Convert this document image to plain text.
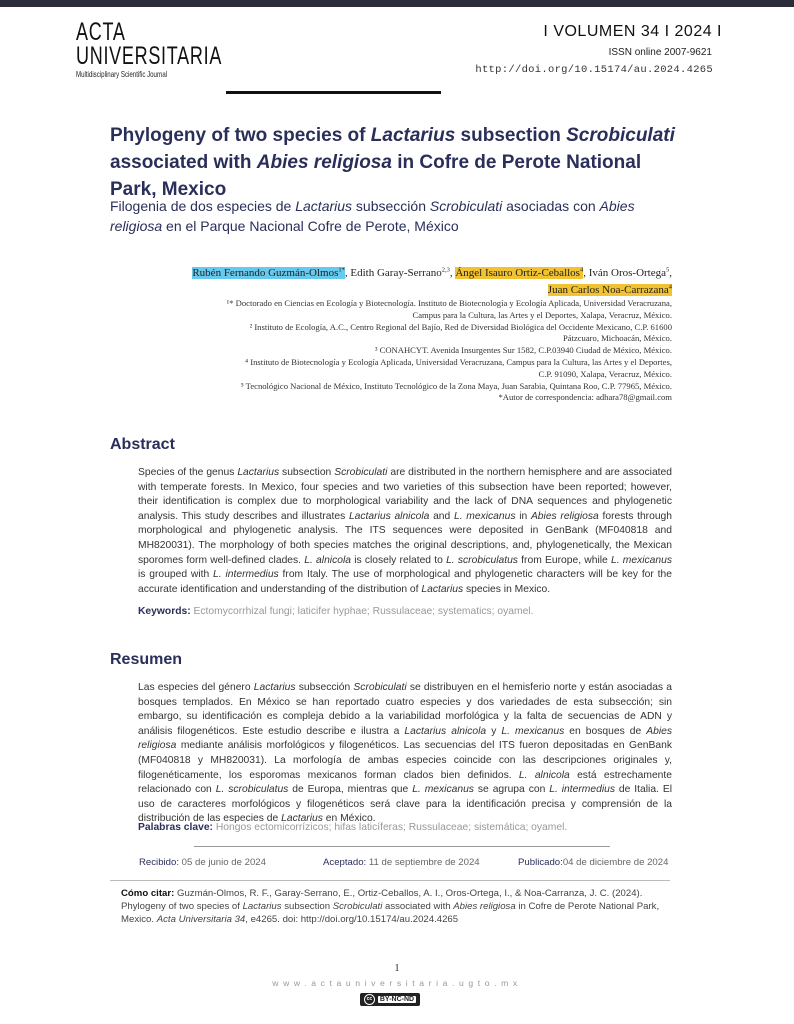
ACTA
UNIVERSITARIA
Multidisciplinary Scientific Journal
I VOLUMEN 34 I 2024 I
ISSN online 2007-9621
http://doi.org/10.15174/au.2024.4265
Phylogeny of two species of Lactarius subsection Scrobiculati associated with Abies religiosa in Cofre de Perote National Park, Mexico

Filogenia de dos especies de Lactarius subsección Scrobiculati asociadas con Abies religiosa en el Parque Nacional Cofre de Perote, México

Rubén Fernando Guzmán-Olmos$^{1*}$, Edith Garay-Serrano$^{2,3}$, Ángel Isauro Ortiz-Ceballos$^4$, Iván Oros-Ortega$^5$,
Juan Carlos Noa-Carrazana$^4$
¹* Doctorado en Ciencias en Ecología y Biotecnología. Instituto de Biotecnología y Ecología Aplicada, Universidad Veracruzana,
Campus para la Cultura, las Artes y el Deportes, Xalapa, Veracruz, México.
² Instituto de Ecología, A.C., Centro Regional del Bajío, Red de Diversidad Biológica del Occidente Mexicano, C.P. 61600
Pátzcuaro, Michoacán, México.
³ CONAHCYT. Avenida Insurgentes Sur 1582, C.P.03940 Ciudad de México, México.
⁴ Instituto de Biotecnología y Ecología Aplicada, Universidad Veracruzana, Campus para la Cultura, las Artes y el Deportes,
C.P. 91090, Xalapa, Veracruz, México.
⁵ Tecnológico Nacional de México, Instituto Tecnológico de la Zona Maya, Juan Sarabia, Quintana Roo, C.P. 77965, México.
*Autor de correspondencia: adhara78@gmail.com
Abstract

Species of the genus Lactarius subsection Scrobiculati are distributed in the northern hemisphere and are associated with temperate forests. In Mexico, four species and two varieties of this subsection have been reported; however, their identification is complex due to morphological variability and the lack of DNA sequences and phylogenetic analysis. This study describes and illustrates Lactarius alnicola and L. mexicanus in Abies religiosa forests through morphological and phylogenetic analysis. The ITS sequences were deposited in GenBank (MF040818 and MH820031). The morphology of both species matches the original descriptions, and, phylogenetically, the Mexican sporomes form well-defined clades. L. alnicola is closely related to L. scrobiculatus from Europe, while L. mexicanus is grouped with L. intermedius from Italy. The use of morphological and phylogenetic characters will be key for the accurate identification and understanding of the distribution of Lactarius species in Mexico.

Keywords: Ectomycorrhizal fungi; laticifer hyphae; Russulaceae; systematics; oyamel.
Resumen

Las especies del género Lactarius subsección Scrobiculati se distribuyen en el hemisferio norte y están asociadas a bosques templados. En México se han reportado cuatro especies y dos variedades de esta subsección; sin embargo, su identificación es compleja debido a la variabilidad morfológica y la falta de secuencias de ADN y análisis filogenéticos. Este estudio describe e ilustra a Lactarius alnicola y L. mexicanus en bosques de Abies religiosa mediante análisis morfológicos y filogenéticos. Las secuencias del ITS fueron depositadas en GenBank (MF040818 y MH820031). La morfología de ambas especies coincide con las descripciones originales y, filogenéticamente, los esporomas mexicanos forman clados bien definidos. L. alnicola está estrechamente relacionado con L. scrobiculatus de Europa, mientras que L. mexicanus se agrupa con L. intermedius de Italia. El uso de caracteres morfológicos y filogenéticos será clave para la identificación precisa y comprensión de la distribución de las especies de Lactarius en México.

Palabras clave: Hongos ectomicorrízicos; hifas laticíferas; Russulaceae; sistemática; oyamel.
Recibido: 05 de junio de 2024	Aceptado: 11 de septiembre de 2024	Publicado:04 de diciembre de 2024

Cómo citar: Guzmán-Olmos, R. F., Garay-Serrano, E., Ortiz-Ceballos, A. I., Oros-Ortega, I., & Noa-Carranza, J. C. (2024). Phylogeny of two species of Lactarius subsection Scrobiculati associated with Abies religiosa in Cofre de Perote National Park, Mexico. Acta Universitaria 34, e4265. doi: http://doi.org/10.15174/au.2024.4265

1
www.actauniversitaria.ugto.mx
cc	BY-NC-ND
